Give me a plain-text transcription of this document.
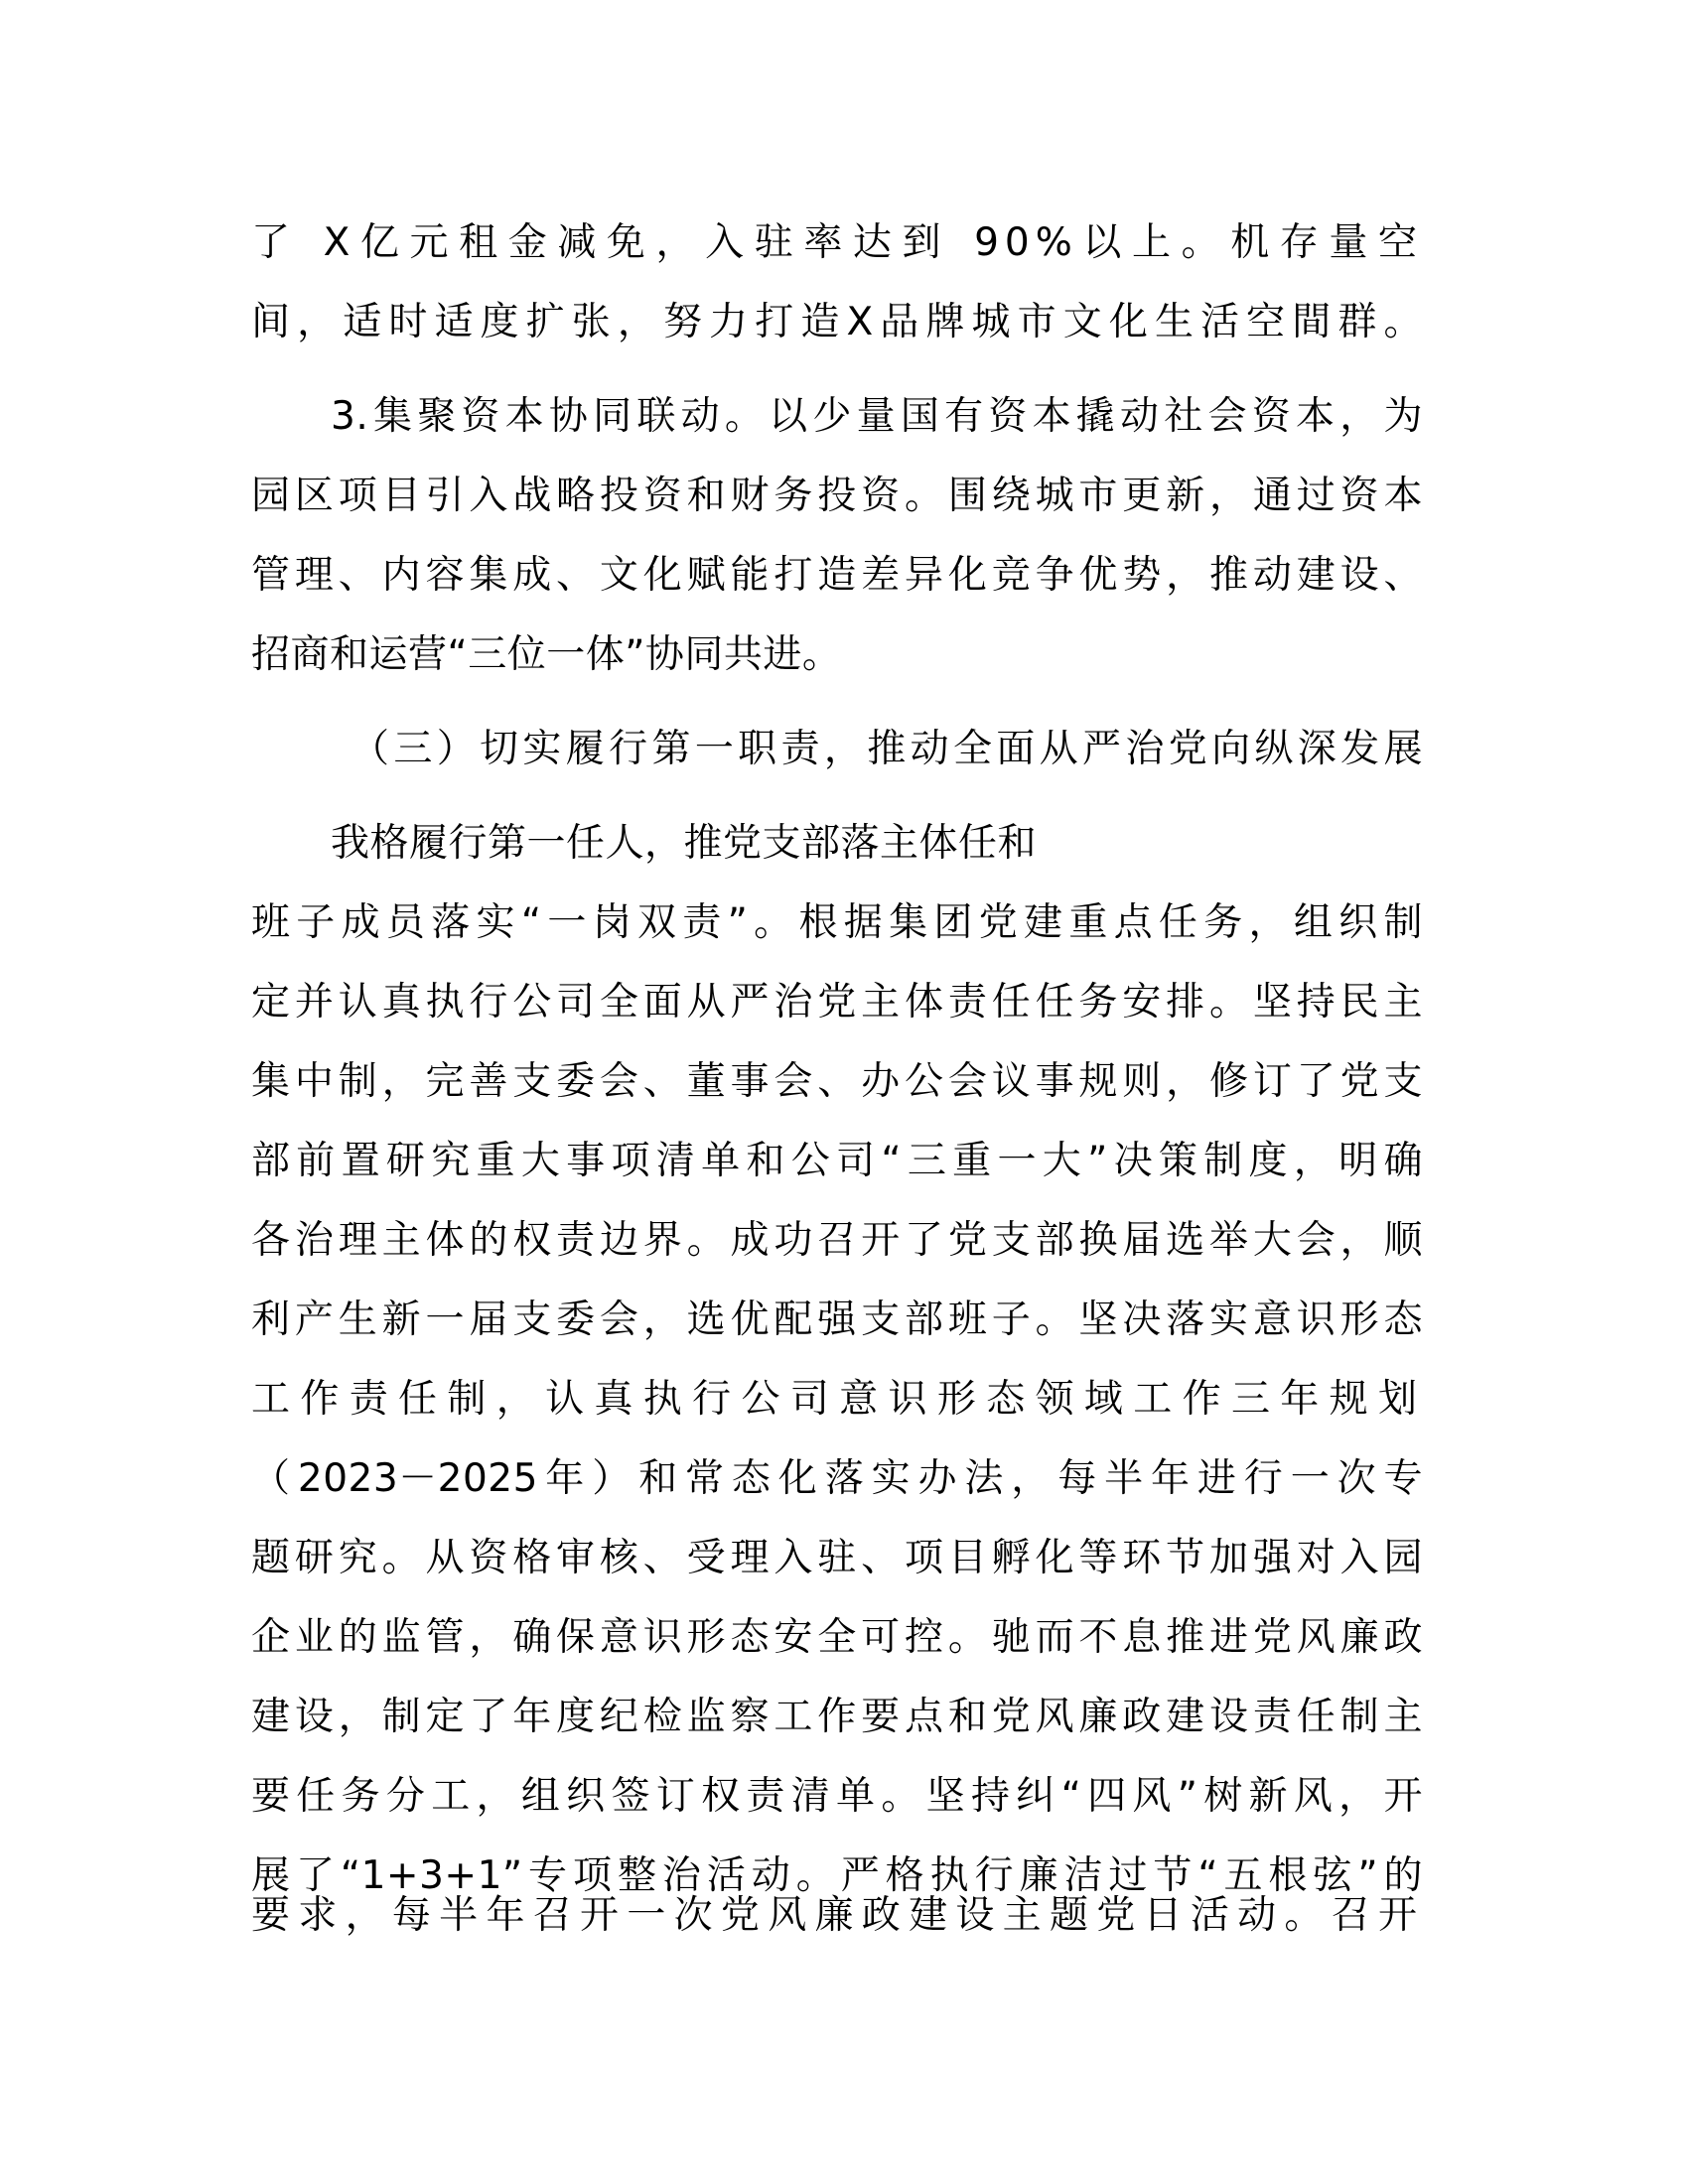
了 X亿元租金减免，入驻率达到 90%以上。机存量空
间，适时适度扩张，努力打造X品牌城市文化生活空間群。
3.集聚资本协同联动。以少量国有资本撬动社会资本，为
园区项目引入战略投资和财务投资。围绕城市更新，通过资本
管理、内容集成、文化赋能打造差异化竞争优势，推动建设、
招商和运营“三位一体”协同共进。
（三）切实履行第一职责，推动全面从严治党向纵深发展
我格履行第一任人，推党支部落主体任和
班子成员落实“一岗双责”。根据集团党建重点任务，组织制
定并认真执行公司全面从严治党主体责任任务安排。坚持民主
集中制，完善支委会、董事会、办公会议事规则，修订了党支
部前置研究重大事项清单和公司“三重一大”决策制度，明确
各治理主体的权责边界。成功召开了党支部换届选举大会，顺
利产生新一届支委会，选优配强支部班子。坚决落实意识形态
工作责任制，认真执行公司意识形态领域工作三年规划
（2023－2025年）和常态化落实办法，每半年进行一次专
题研究。从资格审核、受理入驻、项目孵化等环节加强对入园
企业的监管，确保意识形态安全可控。驰而不息推进党风廉政
建设，制定了年度纪检监察工作要点和党风廉政建设责任制主
要任务分工，组织签订权责清单。坚持纠“四风”树新风，开
展了“1+3+1”专项整治活动。严格执行廉洁过节“五根弦”的
要求，每半年召开一次党风廉政建设主题党日活动。召开
